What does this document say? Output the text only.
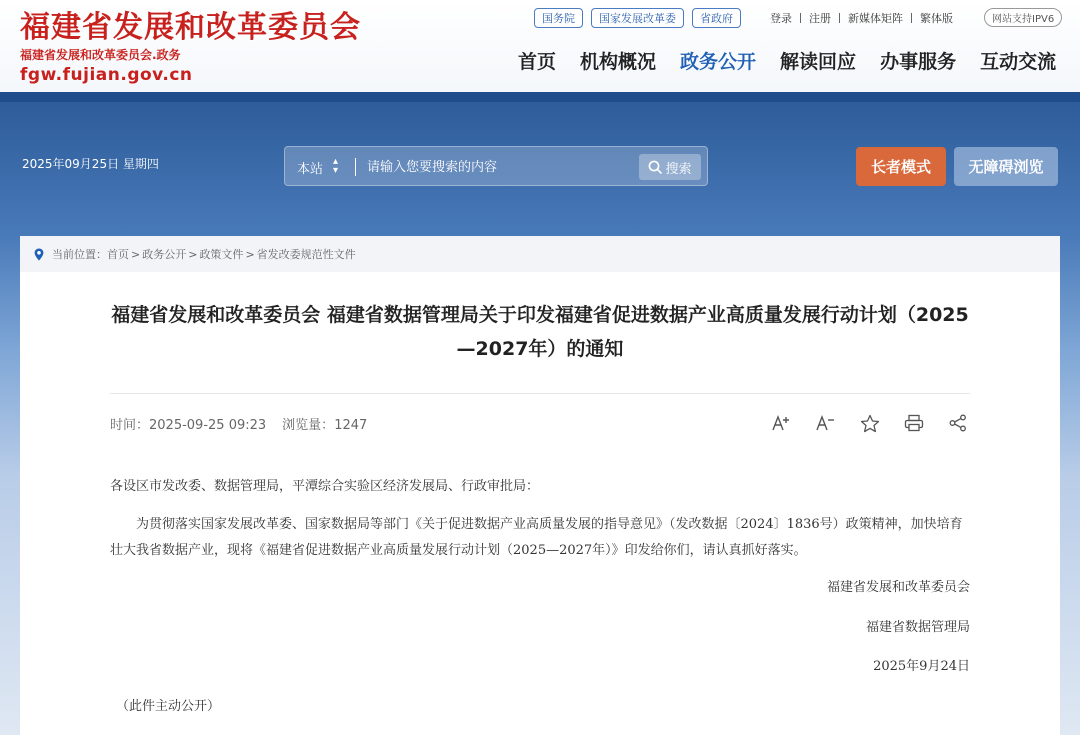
福建省发展和改革委员会
福建省发展和改革委员会.政务
fgw.fujian.gov.cn
国务院	国家发展改革委	省政府	登录 注册 新媒体矩阵 繁体版	网站支持IPV6
首页 机构概况 政务公开 解读回应 办事服务 互动交流
2025年09月25日 星期四	本站
▴
▾
请输入您要搜索的内容	搜索	长者模式	无障碍浏览
当前位置： 首页 > 政务公开 > 政策文件 > 省发改委规范性文件
福建省发展和改革委员会 福建省数据管理局关于印发福建省促进数据产业高质量发展行动计划（2025—2027年）的通知
时间：2025-09-25 09:23 浏览量：1247
各设区市发改委、数据管理局，平潭综合实验区经济发展局、行政审批局：
为贯彻落实国家发展改革委、国家数据局等部门《关于促进数据产业高质量发展的指导意见》（发改数据〔2024〕1836号）政策精神，加快培育壮大我省数据产业，现将《福建省促进数据产业高质量发展行动计划（2025—2027年）》印发给你们，请认真抓好落实。
福建省发展和改革委员会
福建省数据管理局
2025年9月24日
（此件主动公开）
